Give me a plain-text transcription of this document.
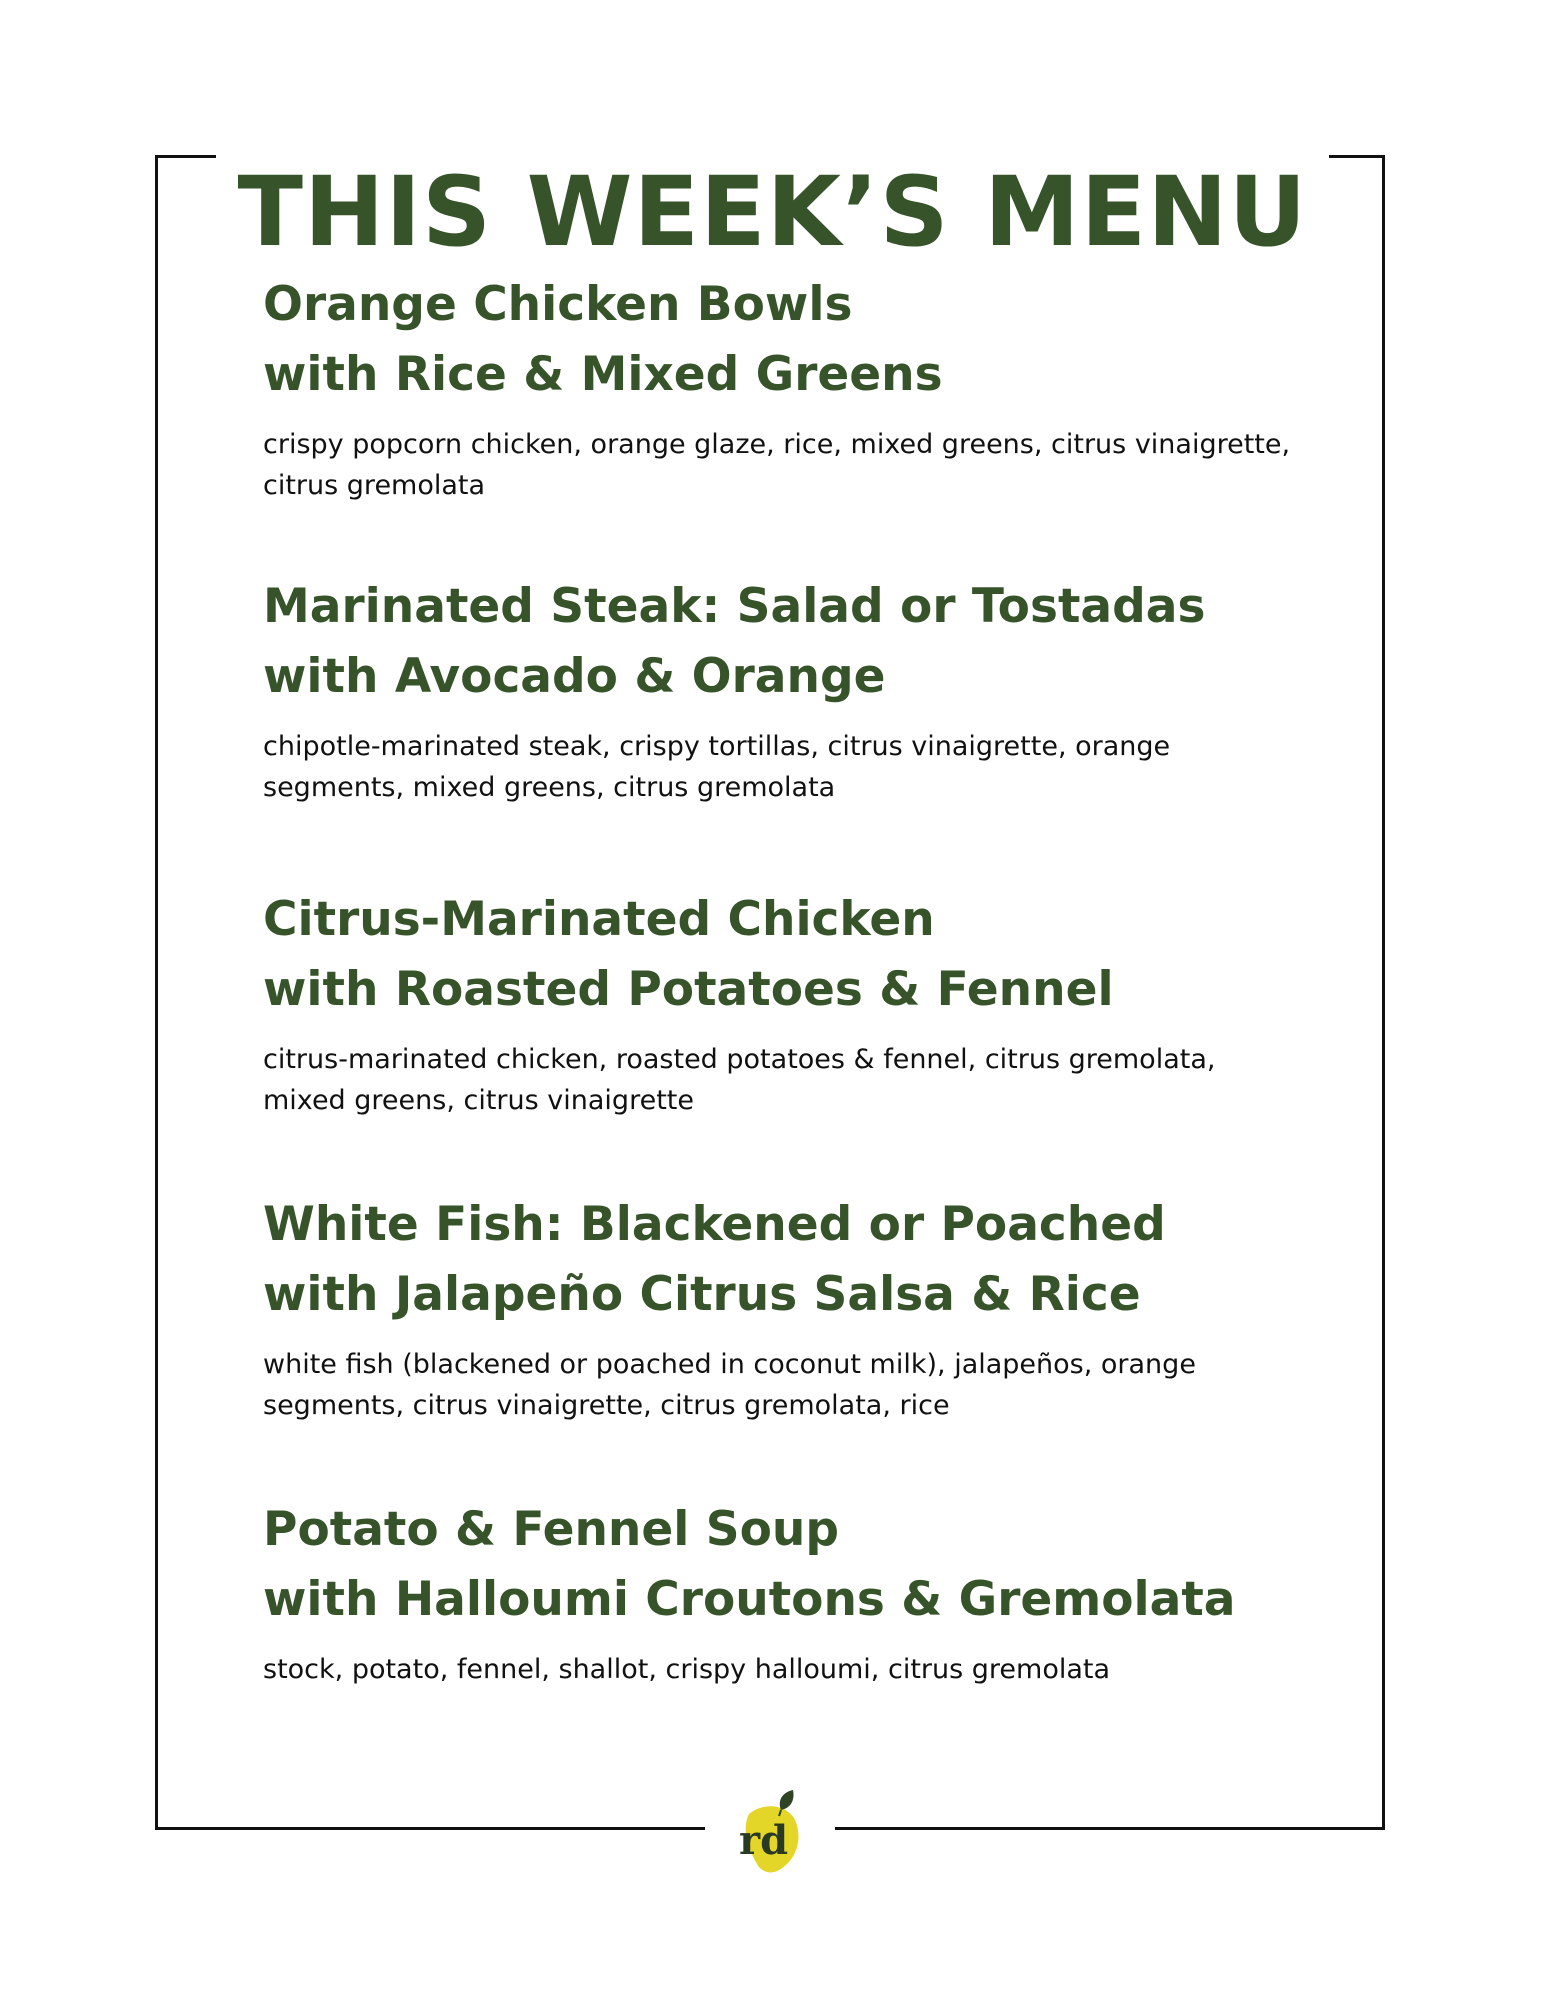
THIS WEEK’S MENU
Orange Chicken Bowls
with Rice & Mixed Greens

crispy popcorn chicken, orange glaze, rice, mixed greens, citrus vinaigrette, citrus gremolata

Marinated Steak: Salad or Tostadas
with Avocado & Orange

chipotle-marinated steak, crispy tortillas, citrus vinaigrette, orange segments, mixed greens, citrus gremolata

Citrus-Marinated Chicken
with Roasted Potatoes & Fennel

citrus-marinated chicken, roasted potatoes & fennel, citrus gremolata, mixed greens, citrus vinaigrette

White Fish: Blackened or Poached
with Jalapeño Citrus Salsa & Rice

white fish (blackened or poached in coconut milk), jalapeños, orange segments, citrus vinaigrette, citrus gremolata, rice

Potato & Fennel Soup
with Halloumi Croutons & Gremolata

stock, potato, fennel, shallot, crispy halloumi, citrus gremolata

rd
